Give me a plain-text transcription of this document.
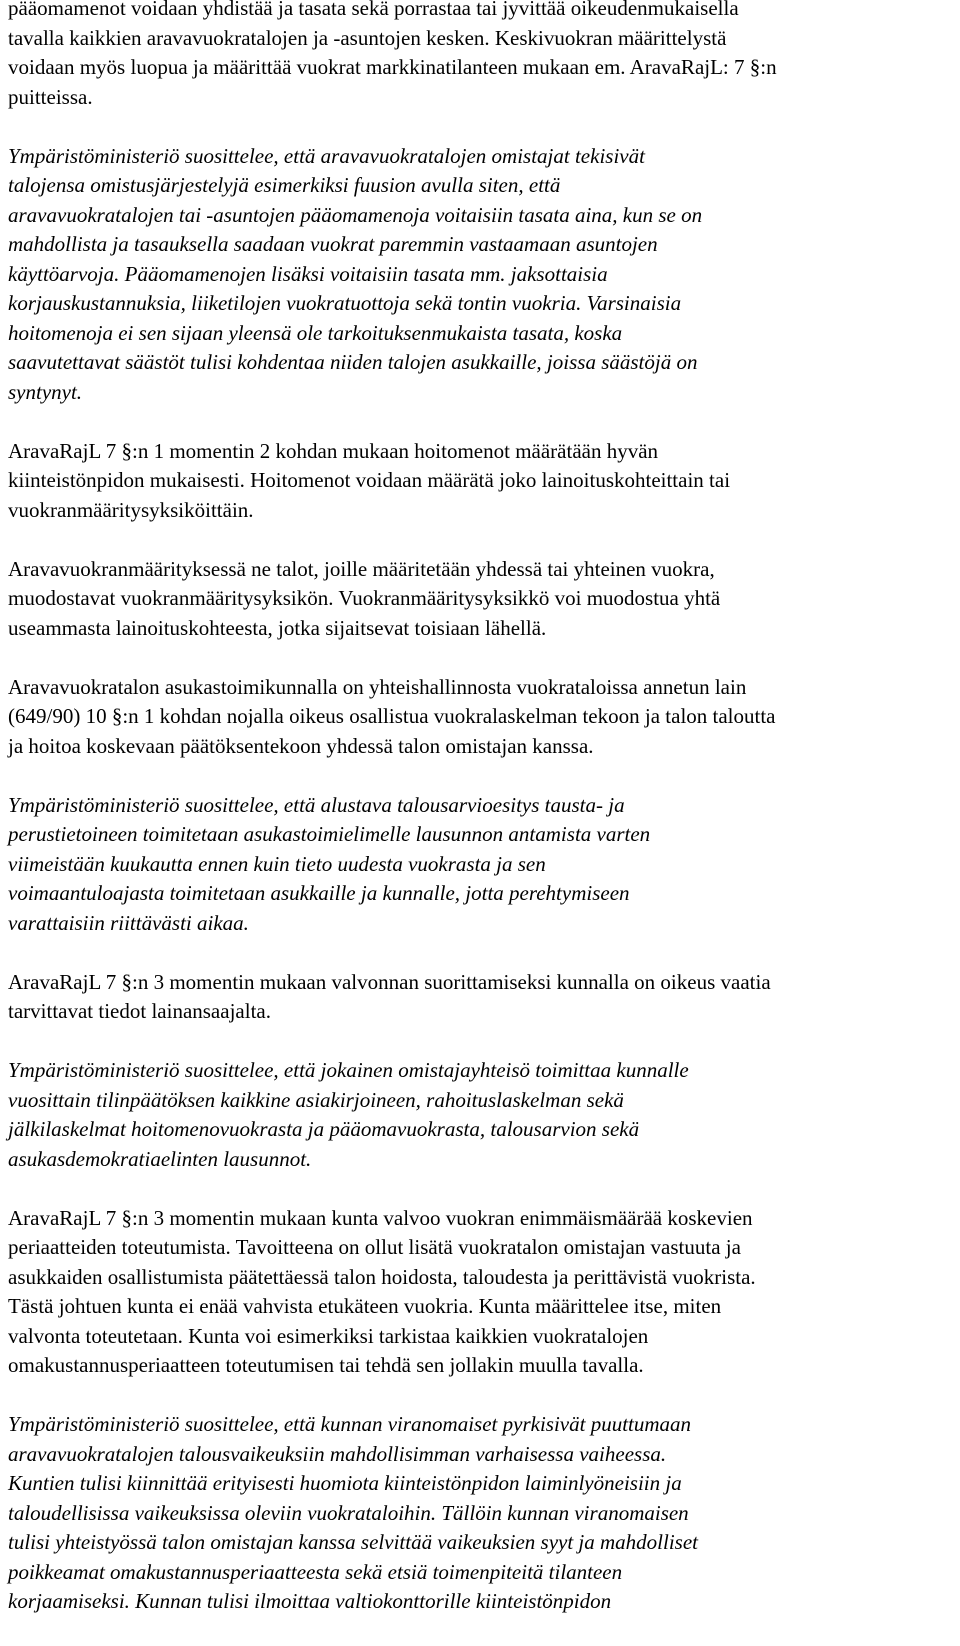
pääomamenot voidaan yhdistää ja tasata sekä porrastaa tai jyvittää oikeudenmukaisella
tavalla kaikkien aravavuokratalojen ja -asuntojen kesken. Keskivuokran määrittelystä
voidaan myös luopua ja määrittää vuokrat markkinatilanteen mukaan em. AravaRajL: 7 §:n
puitteissa.
Ympäristöministeriö suosittelee, että aravavuokratalojen omistajat tekisivät
talojensa omistusjärjestelyjä esimerkiksi fuusion avulla siten, että
aravavuokratalojen tai -asuntojen pääomamenoja voitaisiin tasata aina, kun se on
mahdollista ja tasauksella saadaan vuokrat paremmin vastaamaan asuntojen
käyttöarvoja. Pääomamenojen lisäksi voitaisiin tasata mm. jaksottaisia
korjauskustannuksia, liiketilojen vuokratuottoja sekä tontin vuokria. Varsinaisia
hoitomenoja ei sen sijaan yleensä ole tarkoituksenmukaista tasata, koska
saavutettavat säästöt tulisi kohdentaa niiden talojen asukkaille, joissa säästöjä on
syntynyt.
AravaRajL 7 §:n 1 momentin 2 kohdan mukaan hoitomenot määrätään hyvän
kiinteistönpidon mukaisesti. Hoitomenot voidaan määrätä joko lainoituskohteittain tai
vuokranmääritysyksiköittäin.
Aravavuokranmäärityksessä ne talot, joille määritetään yhdessä tai yhteinen vuokra,
muodostavat vuokranmääritysyksikön. Vuokranmääritysyksikkö voi muodostua yhtä
useammasta lainoituskohteesta, jotka sijaitsevat toisiaan lähellä.
Aravavuokratalon asukastoimikunnalla on yhteishallinnosta vuokrataloissa annetun lain
(649/90) 10 §:n 1 kohdan nojalla oikeus osallistua vuokralaskelman tekoon ja talon taloutta
ja hoitoa koskevaan päätöksentekoon yhdessä talon omistajan kanssa.
Ympäristöministeriö suosittelee, että alustava talousarvioesitys tausta- ja
perustietoineen toimitetaan asukastoimielimelle lausunnon antamista varten
viimeistään kuukautta ennen kuin tieto uudesta vuokrasta ja sen
voimaantuloajasta toimitetaan asukkaille ja kunnalle, jotta perehtymiseen
varattaisiin riittävästi aikaa.
AravaRajL 7 §:n 3 momentin mukaan valvonnan suorittamiseksi kunnalla on oikeus vaatia
tarvittavat tiedot lainansaajalta.
Ympäristöministeriö suosittelee, että jokainen omistajayhteisö toimittaa kunnalle
vuosittain tilinpäätöksen kaikkine asiakirjoineen, rahoituslaskelman sekä
jälkilaskelmat hoitomenovuokrasta ja pääomavuokrasta, talousarvion sekä
asukasdemokratiaelinten lausunnot.
AravaRajL 7 §:n 3 momentin mukaan kunta valvoo vuokran enimmäismäärää koskevien
periaatteiden toteutumista. Tavoitteena on ollut lisätä vuokratalon omistajan vastuuta ja
asukkaiden osallistumista päätettäessä talon hoidosta, taloudesta ja perittävistä vuokrista.
Tästä johtuen kunta ei enää vahvista etukäteen vuokria. Kunta määrittelee itse, miten
valvonta toteutetaan. Kunta voi esimerkiksi tarkistaa kaikkien vuokratalojen
omakustannusperiaatteen toteutumisen tai tehdä sen jollakin muulla tavalla.
Ympäristöministeriö suosittelee, että kunnan viranomaiset pyrkisivät puuttumaan
aravavuokratalojen talousvaikeuksiin mahdollisimman varhaisessa vaiheessa.
Kuntien tulisi kiinnittää erityisesti huomiota kiinteistönpidon laiminlyöneisiin ja
taloudellisissa vaikeuksissa oleviin vuokrataloihin. Tällöin kunnan viranomaisen
tulisi yhteistyössä talon omistajan kanssa selvittää vaikeuksien syyt ja mahdolliset
poikkeamat omakustannusperiaatteesta sekä etsiä toimenpiteitä tilanteen
korjaamiseksi. Kunnan tulisi ilmoittaa valtiokonttorille kiinteistönpidon
